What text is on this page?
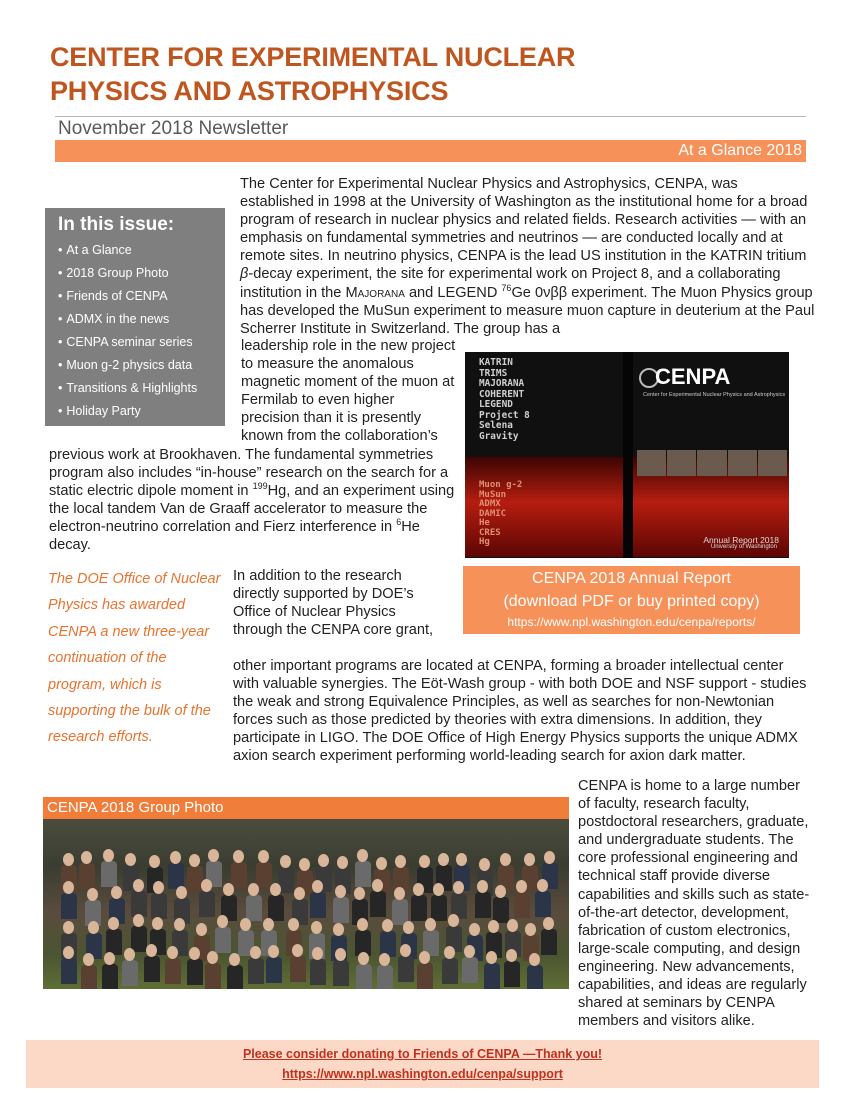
CENTER FOR EXPERIMENTAL NUCLEAR
PHYSICS AND ASTROPHYSICS
November 2018 Newsletter
At a Glance 2018
In this issue:
• At a Glance
• 2018 Group Photo
• Friends of CENPA
• ADMX in the news
• CENPA seminar series
• Muon g-2 physics data
• Transitions & Highlights
• Holiday Party

The Center for Experimental Nuclear Physics and Astrophysics, CENPA, was established in 1998 at the University of Washington as the institutional home for a broad program of research in nuclear physics and related fields. Research activities — with an emphasis on fundamental symmetries and neutrinos — are conducted locally and at remote sites. In neutrino physics, CENPA is the lead US institution in the KATRIN tritium β-decay experiment, the site for experimental work on Project 8, and a collaborating institution in the Majorana and LEGEND $^{76}$Ge 0νββ experiment. The Muon Physics group has developed the MuSun experiment to measure muon capture in deuterium at the Paul Scherrer Institute in Switzerland. The group has a

leadership role in the new project to measure the anomalous magnetic moment of the muon at Fermilab to even higher precision than it is presently known from the collaboration’s
previous work at Brookhaven. The fundamental symmetries program also includes “in-house” research on the search for a static electric dipole moment in $^{199}$Hg, and an experiment using the local tandem Van de Graaff accelerator to measure the electron-neutrino correlation and Fierz interference in $^6$He decay.
KATRIN
TRIMS
MAJORANA
COHERENT
LEGEND
Project 8
Selena
Gravity
Muon g-2
MuSun
ADMX
DAMIC
He
CRES
Hg
CENPA
Center for Experimental Nuclear Physics and Astrophysics
Annual Report 2018
University of Washington
CENPA 2018 Annual Report
(download PDF or buy printed copy)
https://www.npl.washington.edu/cenpa/reports/
The DOE Office of Nuclear Physics has awarded CENPA a new three-year continuation of the program, which is supporting the bulk of the research efforts.
In addition to the research directly supported by DOE’s Office of Nuclear Physics through the CENPA core grant,
other important programs are located at CENPA, forming a broader intellectual center with valuable synergies. The Eöt-Wash group - with both DOE and NSF support - studies the weak and strong Equivalence Principles, as well as searches for non-Newtonian forces such as those predicted by theories with extra dimensions. In addition, they participate in LIGO. The DOE Office of High Energy Physics supports the unique ADMX axion search experiment performing world-leading search for axion dark matter.
CENPA 2018 Group Photo
CENPA is home to a large number of faculty, research faculty, postdoctoral researchers, graduate, and undergraduate students. The core professional engineering and technical staff provide diverse capabilities and skills such as state-of-the-art detector, development, fabrication of custom electronics, large-scale computing, and design engineering. New advancements, capabilities, and ideas are regularly shared at seminars by CENPA members and visitors alike.
Please consider donating to Friends of CENPA —Thank you!
https://www.npl.washington.edu/cenpa/support
